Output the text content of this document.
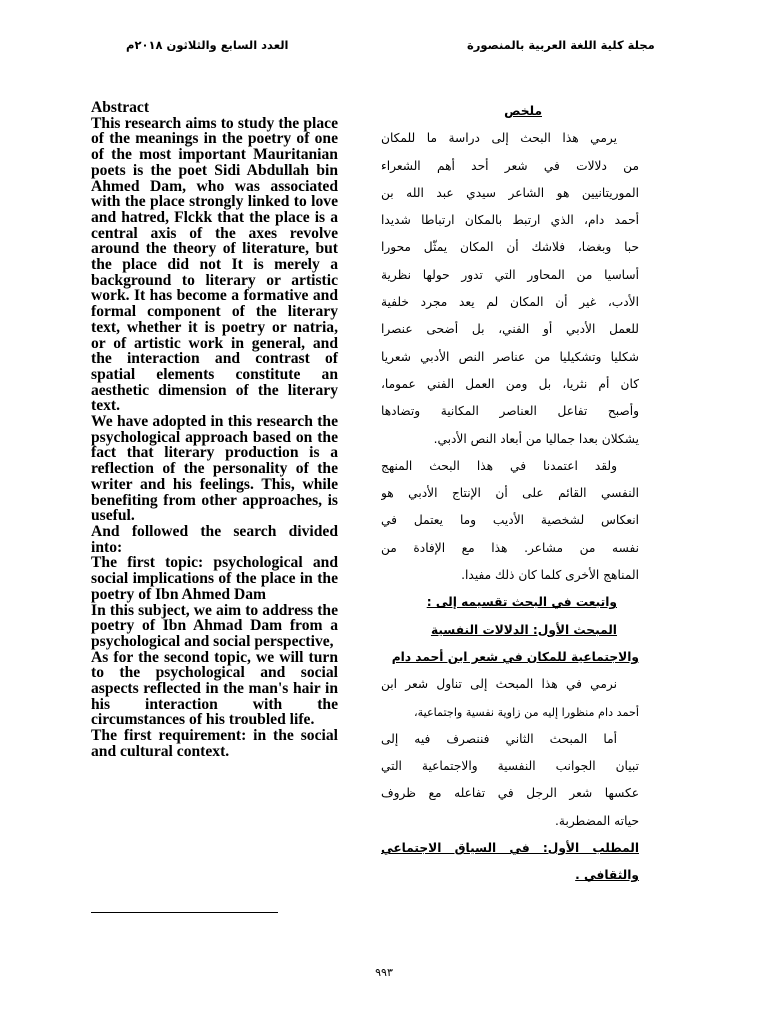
العدد السابع والثلاثون ٢٠١٨م	مجلة كلية اللغة العربية بالمنصورة

Abstract

This research aims to study the place of the meanings in the poetry of one of the most important Mauritanian poets is the poet Sidi Abdullah bin Ahmed Dam, who was associated with the place strongly linked to love and hatred, Flckk that the place is a central axis of the axes revolve around the theory of literature, but the place did not It is merely a background to literary or artistic work. It has become a formative and formal component of the literary text, whether it is poetry or natria, or of artistic work in general, and the interaction and contrast of spatial elements constitute an aesthetic dimension of the literary text.

We have adopted in this research the psychological approach based on the fact that literary production is a reflection of the personality of the writer and his feelings. This, while benefiting from other approaches, is useful.

And followed the search divided into:

The first topic: psychological and social implications of the place in the poetry of Ibn Ahmed Dam

In this subject, we aim to address the poetry of Ibn Ahmad Dam from a psychological and social perspective,

As for the second topic, we will turn to the psychological and social aspects reflected in the man's hair in his interaction with the circumstances of his troubled life.

The first requirement: in the social and cultural context.

ملخص
يرمي هذا البحث إلى دراسة ما للمكان
من دلالات في شعر أحد أهم الشعراء
الموريتانيين هو الشاعر سيدي عبد الله بن
أحمد دام، الذي ارتبط بالمكان ارتباطا شديدا
حبا وبغضا، فلاشك أن المكان يمثّل محورا
أساسيا من المحاور التي تدور حولها نظرية
الأدب، غير أن المكان لم يعد مجرد خلفية
للعمل الأدبي أو الفني، بل أضحى عنصرا
شكليا وتشكيليا من عناصر النص الأدبي شعريا
كان أم نثريا، بل ومن العمل الفني عموما،
وأصبح تفاعل العناصر المكانية وتضادها
يشكلان بعدا جماليا من أبعاد النص الأدبي.
ولقد اعتمدنا في هذا البحث المنهج
النفسي القائم على أن الإنتاج الأدبي هو
انعكاس لشخصية الأديب وما يعتمل في
نفسه من مشاعر. هذا مع الإفادة من
المناهج الأخرى كلما كان ذلك مفيدا.
واتبعت في البحث تقسيمه إلى :
المبحث الأول: الدلالات النفسية
والاجتماعية للمكان في شعر ابن أحمد دام
نرمي في هذا المبحث إلى تناول شعر ابن
أحمد دام منظورا إليه من زاوية نفسية واجتماعية،
أما المبحث الثاني فننصرف فيه إلى
تبيان الجوانب النفسية والاجتماعية التي
عكسها شعر الرجل في تفاعله مع ظروف
حياته المضطربة.
المطلب الأول: في السياق الاجتماعي
والثقافي .
٩٩٣
